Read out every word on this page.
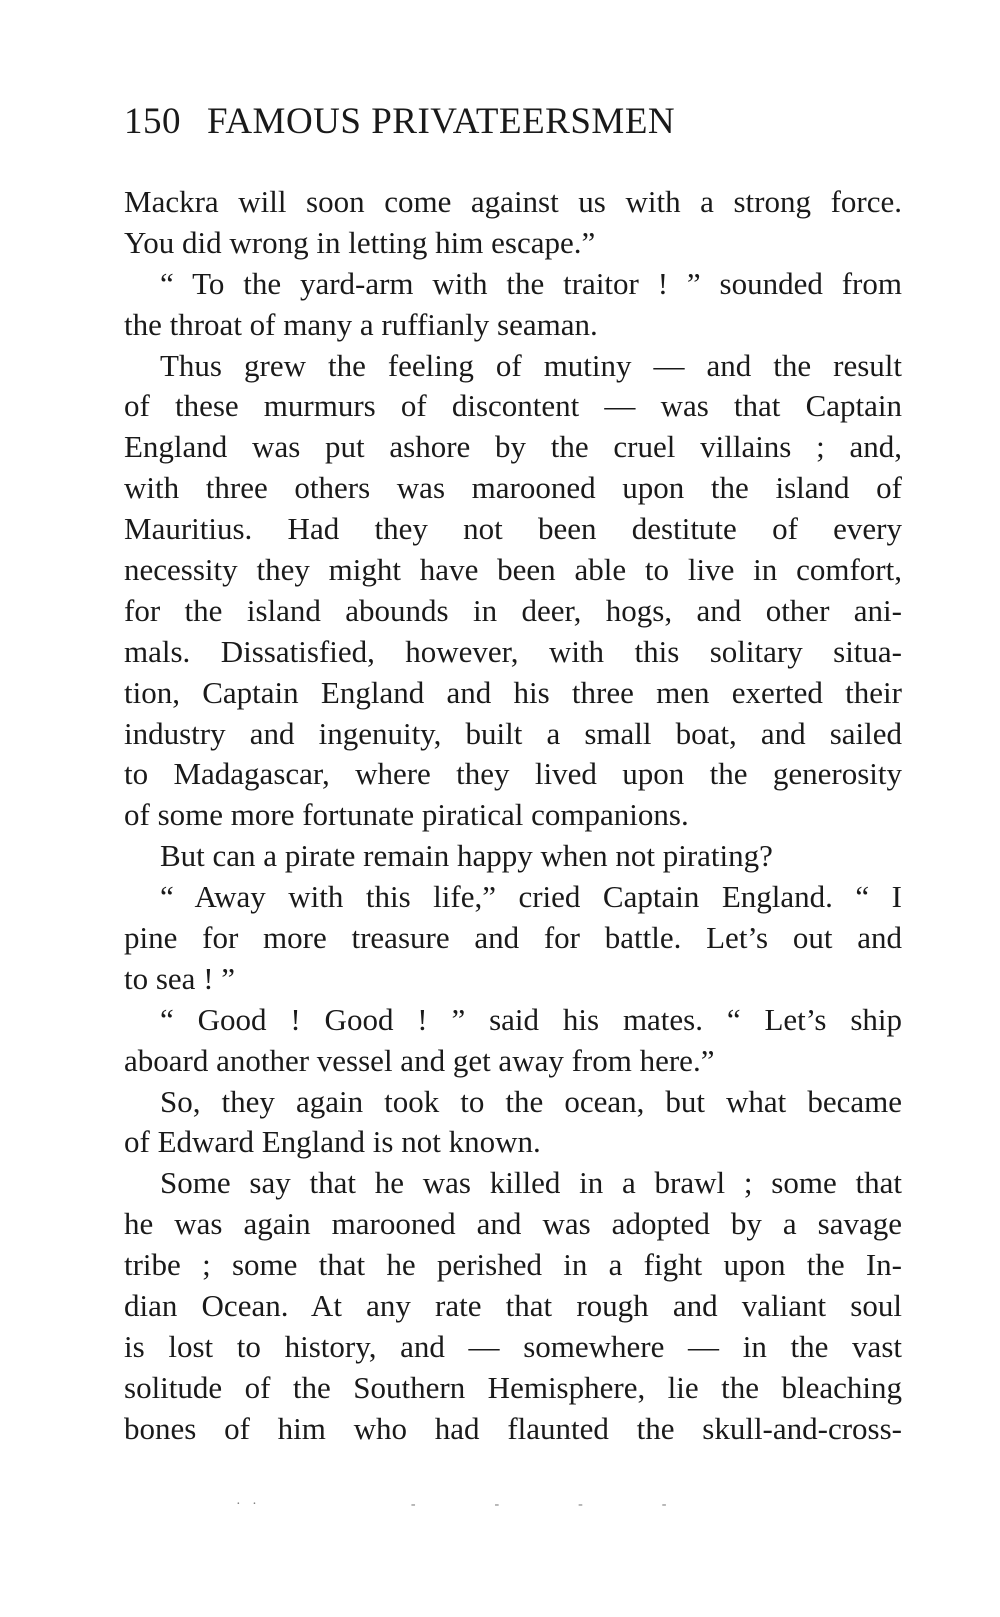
150 FAMOUS PRIVATEERSMEN
Mackra will soon come against us with a strong force.
You did wrong in letting him escape.”
“ To the yard-arm with the traitor ! ” sounded from
the throat of many a ruffianly seaman.
Thus grew the feeling of mutiny — and the result
of these murmurs of discontent — was that Captain
England was put ashore by the cruel villains ; and,
with three others was marooned upon the island of
Mauritius. Had they not been destitute of every
necessity they might have been able to live in comfort,
for the island abounds in deer, hogs, and other ani-
mals. Dissatisfied, however, with this solitary situa-
tion, Captain England and his three men exerted their
industry and ingenuity, built a small boat, and sailed
to Madagascar, where they lived upon the generosity
of some more fortunate piratical companions.
But can a pirate remain happy when not pirating?
“ Away with this life,” cried Captain England. “ I
pine for more treasure and for battle. Let’s out and
to sea ! ”
“ Good ! Good ! ” said his mates. “ Let’s ship
aboard another vessel and get away from here.”
So, they again took to the ocean, but what became
of Edward England is not known.
Some say that he was killed in a brawl ; some that
he was again marooned and was adopted by a savage
tribe ; some that he perished in a fight upon the In-
dian Ocean. At any rate that rough and valiant soul
is lost to history, and — somewhere — in the vast
solitude of the Southern Hemisphere, lie the bleaching
bones of him who had flaunted the skull-and-cross-
· ·                    -          -          -          -
